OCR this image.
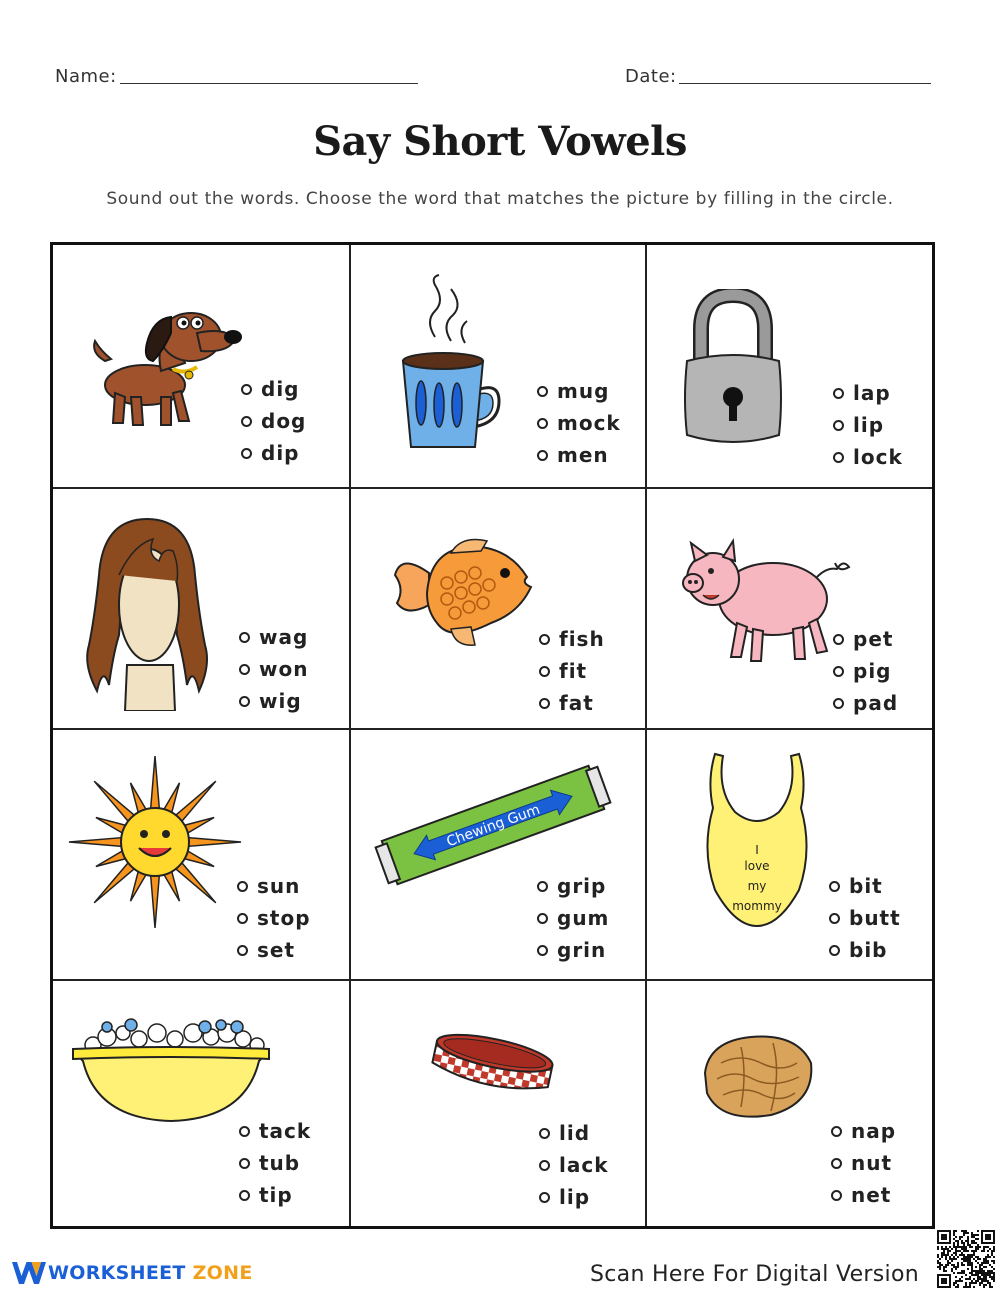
Name:	Date:
Say Short Vowels
Sound out the words. Choose the word that matches the picture by filling in the circle.
dig
dog
dip
mug
mock
men
lap
lip
lock
wag
won
wig
fish
fit
fat
pet
pig
pad
sun
stop
set
Chewing Gum
grip
gum
grin
I
love
my
mommy
bit
butt
bib
tack
tub
tip
lid
lack
lip
nap
nut
net
WORKSHEET ZONE	Scan Here For Digital Version
